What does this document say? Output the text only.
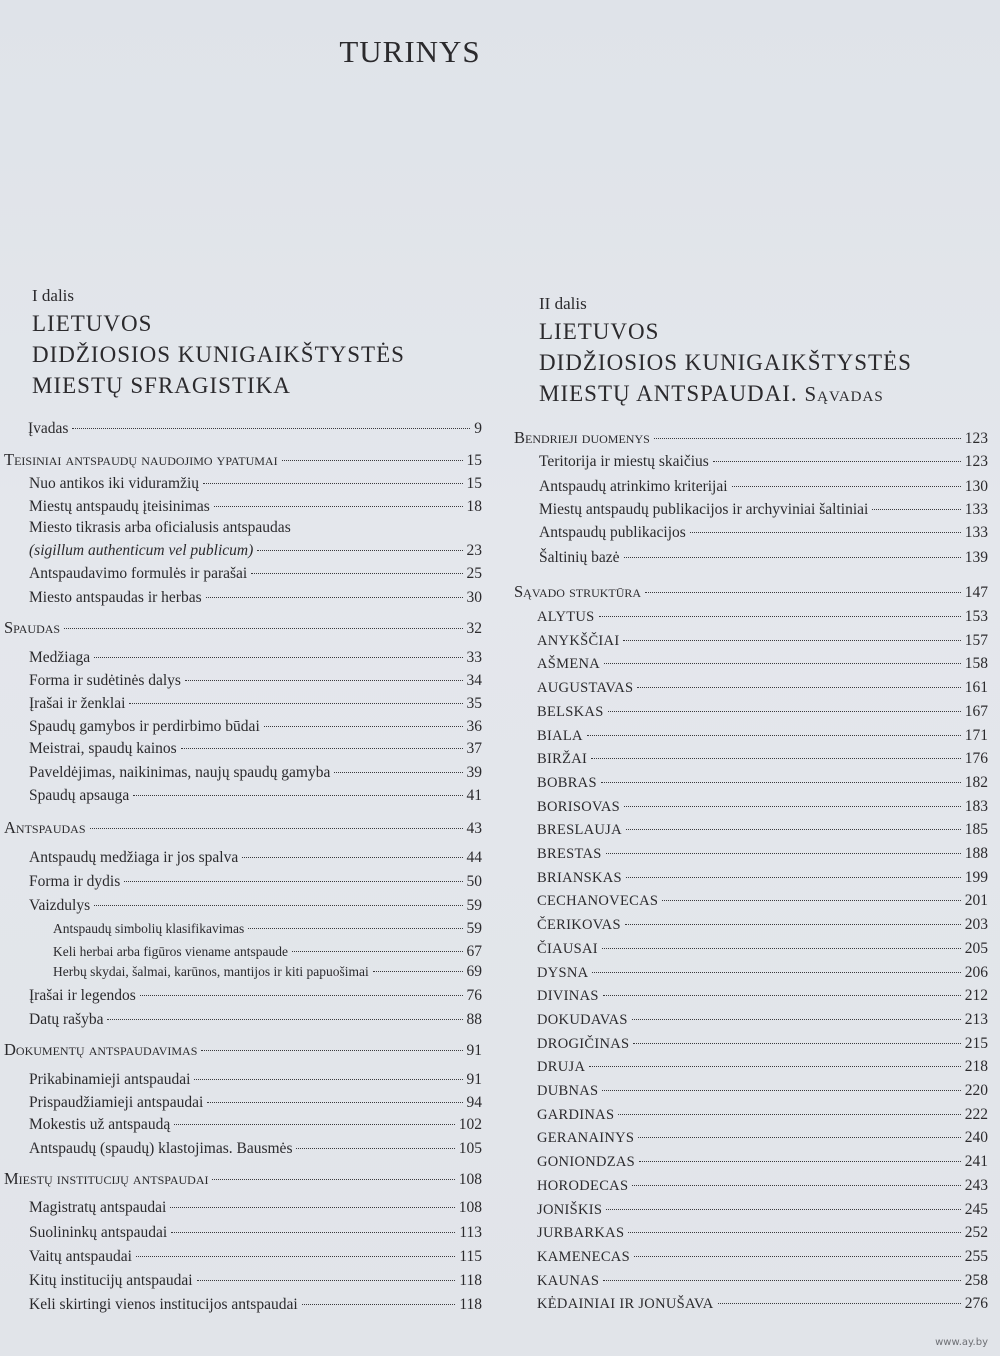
TURINYS

I dalis

LIETUVOS

DIDŽIOSIOS KUNIGAIKŠTYSTĖS

MIESTŲ SFRAGISTIKA

Įvadas	9
Teisiniai antspaudų naudojimo ypatumai	15
Nuo antikos iki viduramžių	15
Miestų antspaudų įteisinimas	18
Miesto tikrasis arba oficialusis antspaudas
(sigillum authenticum vel publicum)	23
Antspaudavimo formulės ir parašai	25
Miesto antspaudas ir herbas	30
Spaudas	32
Medžiaga	33
Forma ir sudėtinės dalys	34
Įrašai ir ženklai	35
Spaudų gamybos ir perdirbimo būdai	36
Meistrai, spaudų kainos	37
Paveldėjimas, naikinimas, naujų spaudų gamyba	39
Spaudų apsauga	41
Antspaudas	43
Antspaudų medžiaga ir jos spalva	44
Forma ir dydis	50
Vaizdulys	59
Antspaudų simbolių klasifikavimas	59
Keli herbai arba figūros viename antspaude	67
Herbų skydai, šalmai, karūnos, mantijos ir kiti papuošimai	69
Įrašai ir legendos	76
Datų rašyba	88
Dokumentų antspaudavimas	91
Prikabinamieji antspaudai	91
Prispaudžiamieji antspaudai	94
Mokestis už antspaudą	102
Antspaudų (spaudų) klastojimas. Bausmės	105
Miestų institucijų antspaudai	108
Magistratų antspaudai	108
Suolininkų antspaudai	113
Vaitų antspaudai	115
Kitų institucijų antspaudai	118
Keli skirtingi vienos institucijos antspaudai	118

II dalis

LIETUVOS

DIDŽIOSIOS KUNIGAIKŠTYSTĖS

MIESTŲ ANTSPAUDAI. Sąvadas

Bendrieji duomenys	123
Teritorija ir miestų skaičius	123
Antspaudų atrinkimo kriterijai	130
Miestų antspaudų publikacijos ir archyviniai šaltiniai	133
Antspaudų publikacijos	133
Šaltinių bazė	139
Sąvado struktūra	147
ALYTUS	153
ANYKŠČIAI	157
AŠMENA	158
AUGUSTAVAS	161
BELSKAS	167
BIALA	171
BIRŽAI	176
BOBRAS	182
BORISOVAS	183
BRESLAUJA	185
BRESTAS	188
BRIANSKAS	199
CECHANOVECAS	201
ČERIKOVAS	203
ČIAUSAI	205
DYSNA	206
DIVINAS	212
DOKUDAVAS	213
DROGIČINAS	215
DRUJA	218
DUBNAS	220
GARDINAS	222
GERANAINYS	240
GONIONDZAS	241
HORODECAS	243
JONIŠKIS	245
JURBARKAS	252
KAMENECAS	255
KAUNAS	258
KĖDAINIAI IR JONUŠAVA	276
www.ay.by
